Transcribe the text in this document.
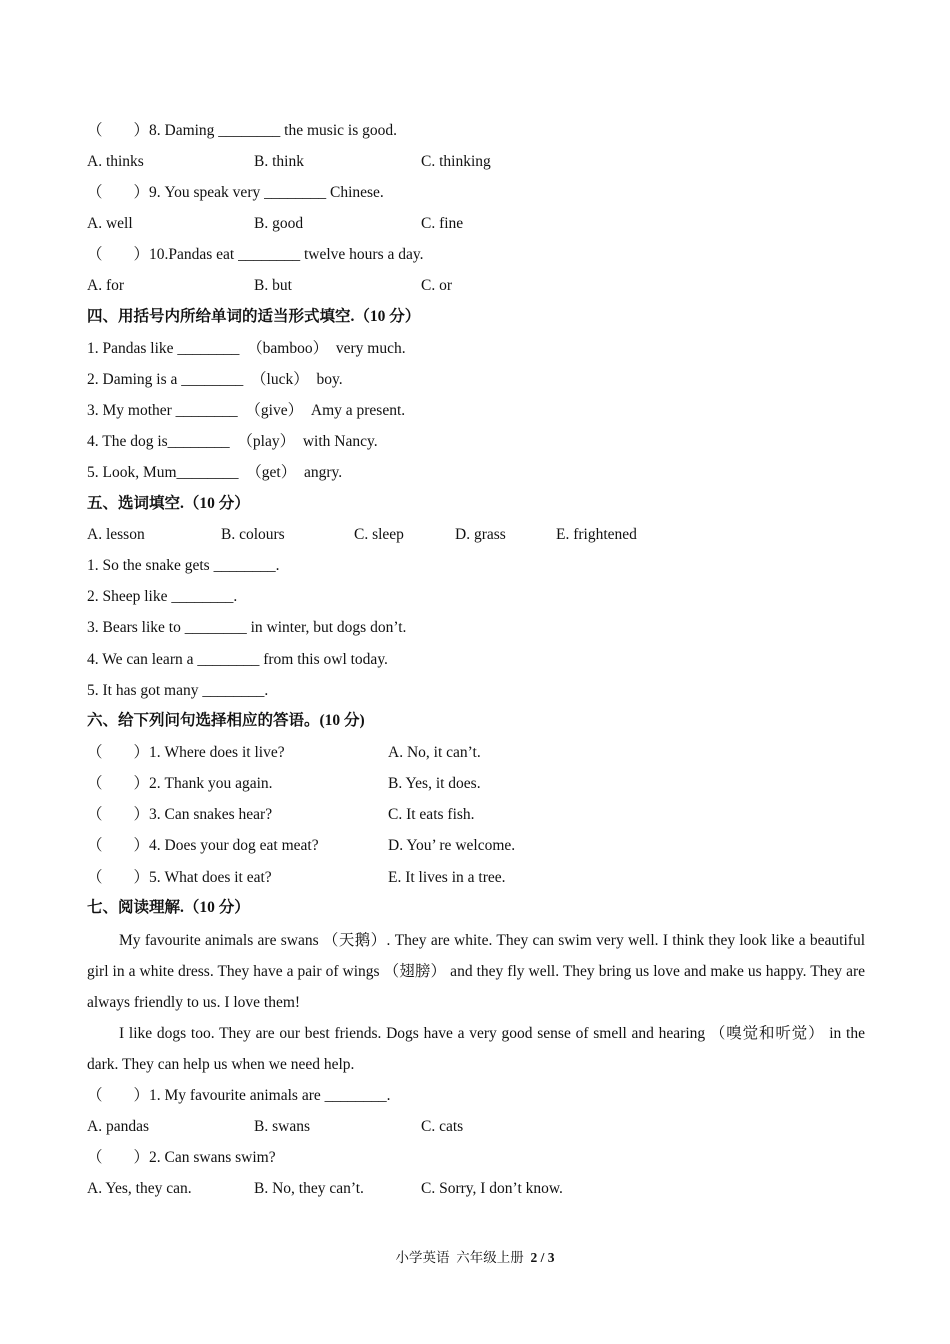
（        ）8. Daming ________ the music is good.

A. thinks

	B. think

	C. thinking

（        ）9. You speak very ________ Chinese.

A. well

	B. good

	C. fine

（        ）10.Pandas eat ________ twelve hours a day.

A. for

	B. but

	C. or

四、用括号内所给单词的适当形式填空.（10 分）
1. Pandas like ________  （bamboo）  very much.
2. Daming is a ________  （luck）  boy.
3. My mother ________  （give）  Amy a present.
4. The dog is________  （play）  with Nancy.
5. Look, Mum________  （get）  angry.
五、选词填空.（10 分）

A. lesson

	B. colours

	C. sleep

	D. grass

	E. frightened

1. So the snake gets ________.
2. Sheep like ________.
3. Bears like to ________ in winter, but dogs don’t.
4. We can learn a ________ from this owl today.
5. It has got many ________.
六、给下列问句选择相应的答语。(10 分)

（        ）1. Where does it live?

	A. No, it can’t.

（        ）2. Thank you again.

	B. Yes, it does.

（        ）3. Can snakes hear?

	C. It eats fish.

（        ）4. Does your dog eat meat?

	D. You’ re welcome.

（        ）5. What does it eat?

	E. It lives in a tree.

七、阅读理解.（10 分）

My favourite animals are swans （天鹅）. They are white. They can swim very well. I think they look like a beautiful girl in a white dress. They have a pair of wings （翅膀） and they fly well. They bring us love and make us happy. They are always friendly to us. I love them!

I like dogs too. They are our best friends. Dogs have a very good sense of smell and hearing （嗅觉和听觉） in the dark. They can help us when we need help.

（        ）1. My favourite animals are ________.

A. pandas

	B. swans

	C. cats

（        ）2. Can swans swim?

A. Yes, they can.

	B. No, they can’t.

	C. Sorry, I don’t know.

小学英语  六年级上册  2 / 3
